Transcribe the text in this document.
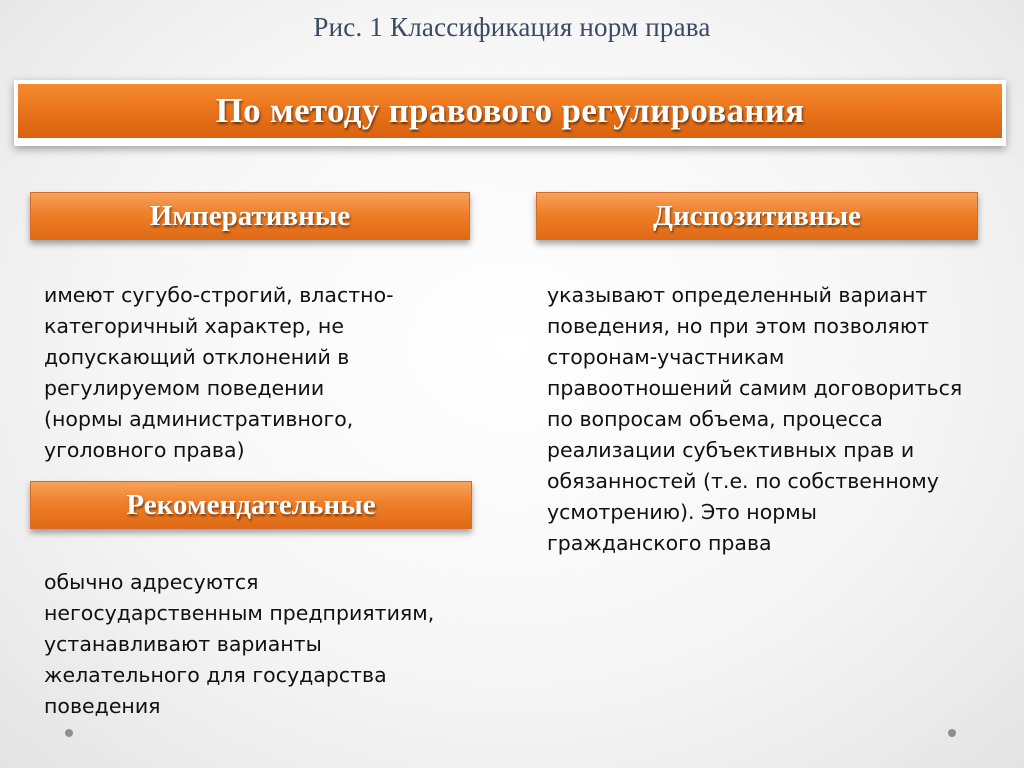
Рис. 1 Классификация норм права
По методу правового регулирования
Императивные
имеют сугубо-строгий, властно-
категоричный характер, не
допускающий отклонений в
регулируемом поведении
(нормы административного,
уголовного права)
Диспозитивные
указывают определенный вариант
поведения, но при этом позволяют
сторонам-участникам
правоотношений самим договориться
по вопросам объема, процесса
реализации субъективных прав и
обязанностей (т.е. по собственному
усмотрению). Это нормы
гражданского права
Рекомендательные
обычно адресуются
негосударственным предприятиям,
устанавливают варианты
желательного для государства
поведения
